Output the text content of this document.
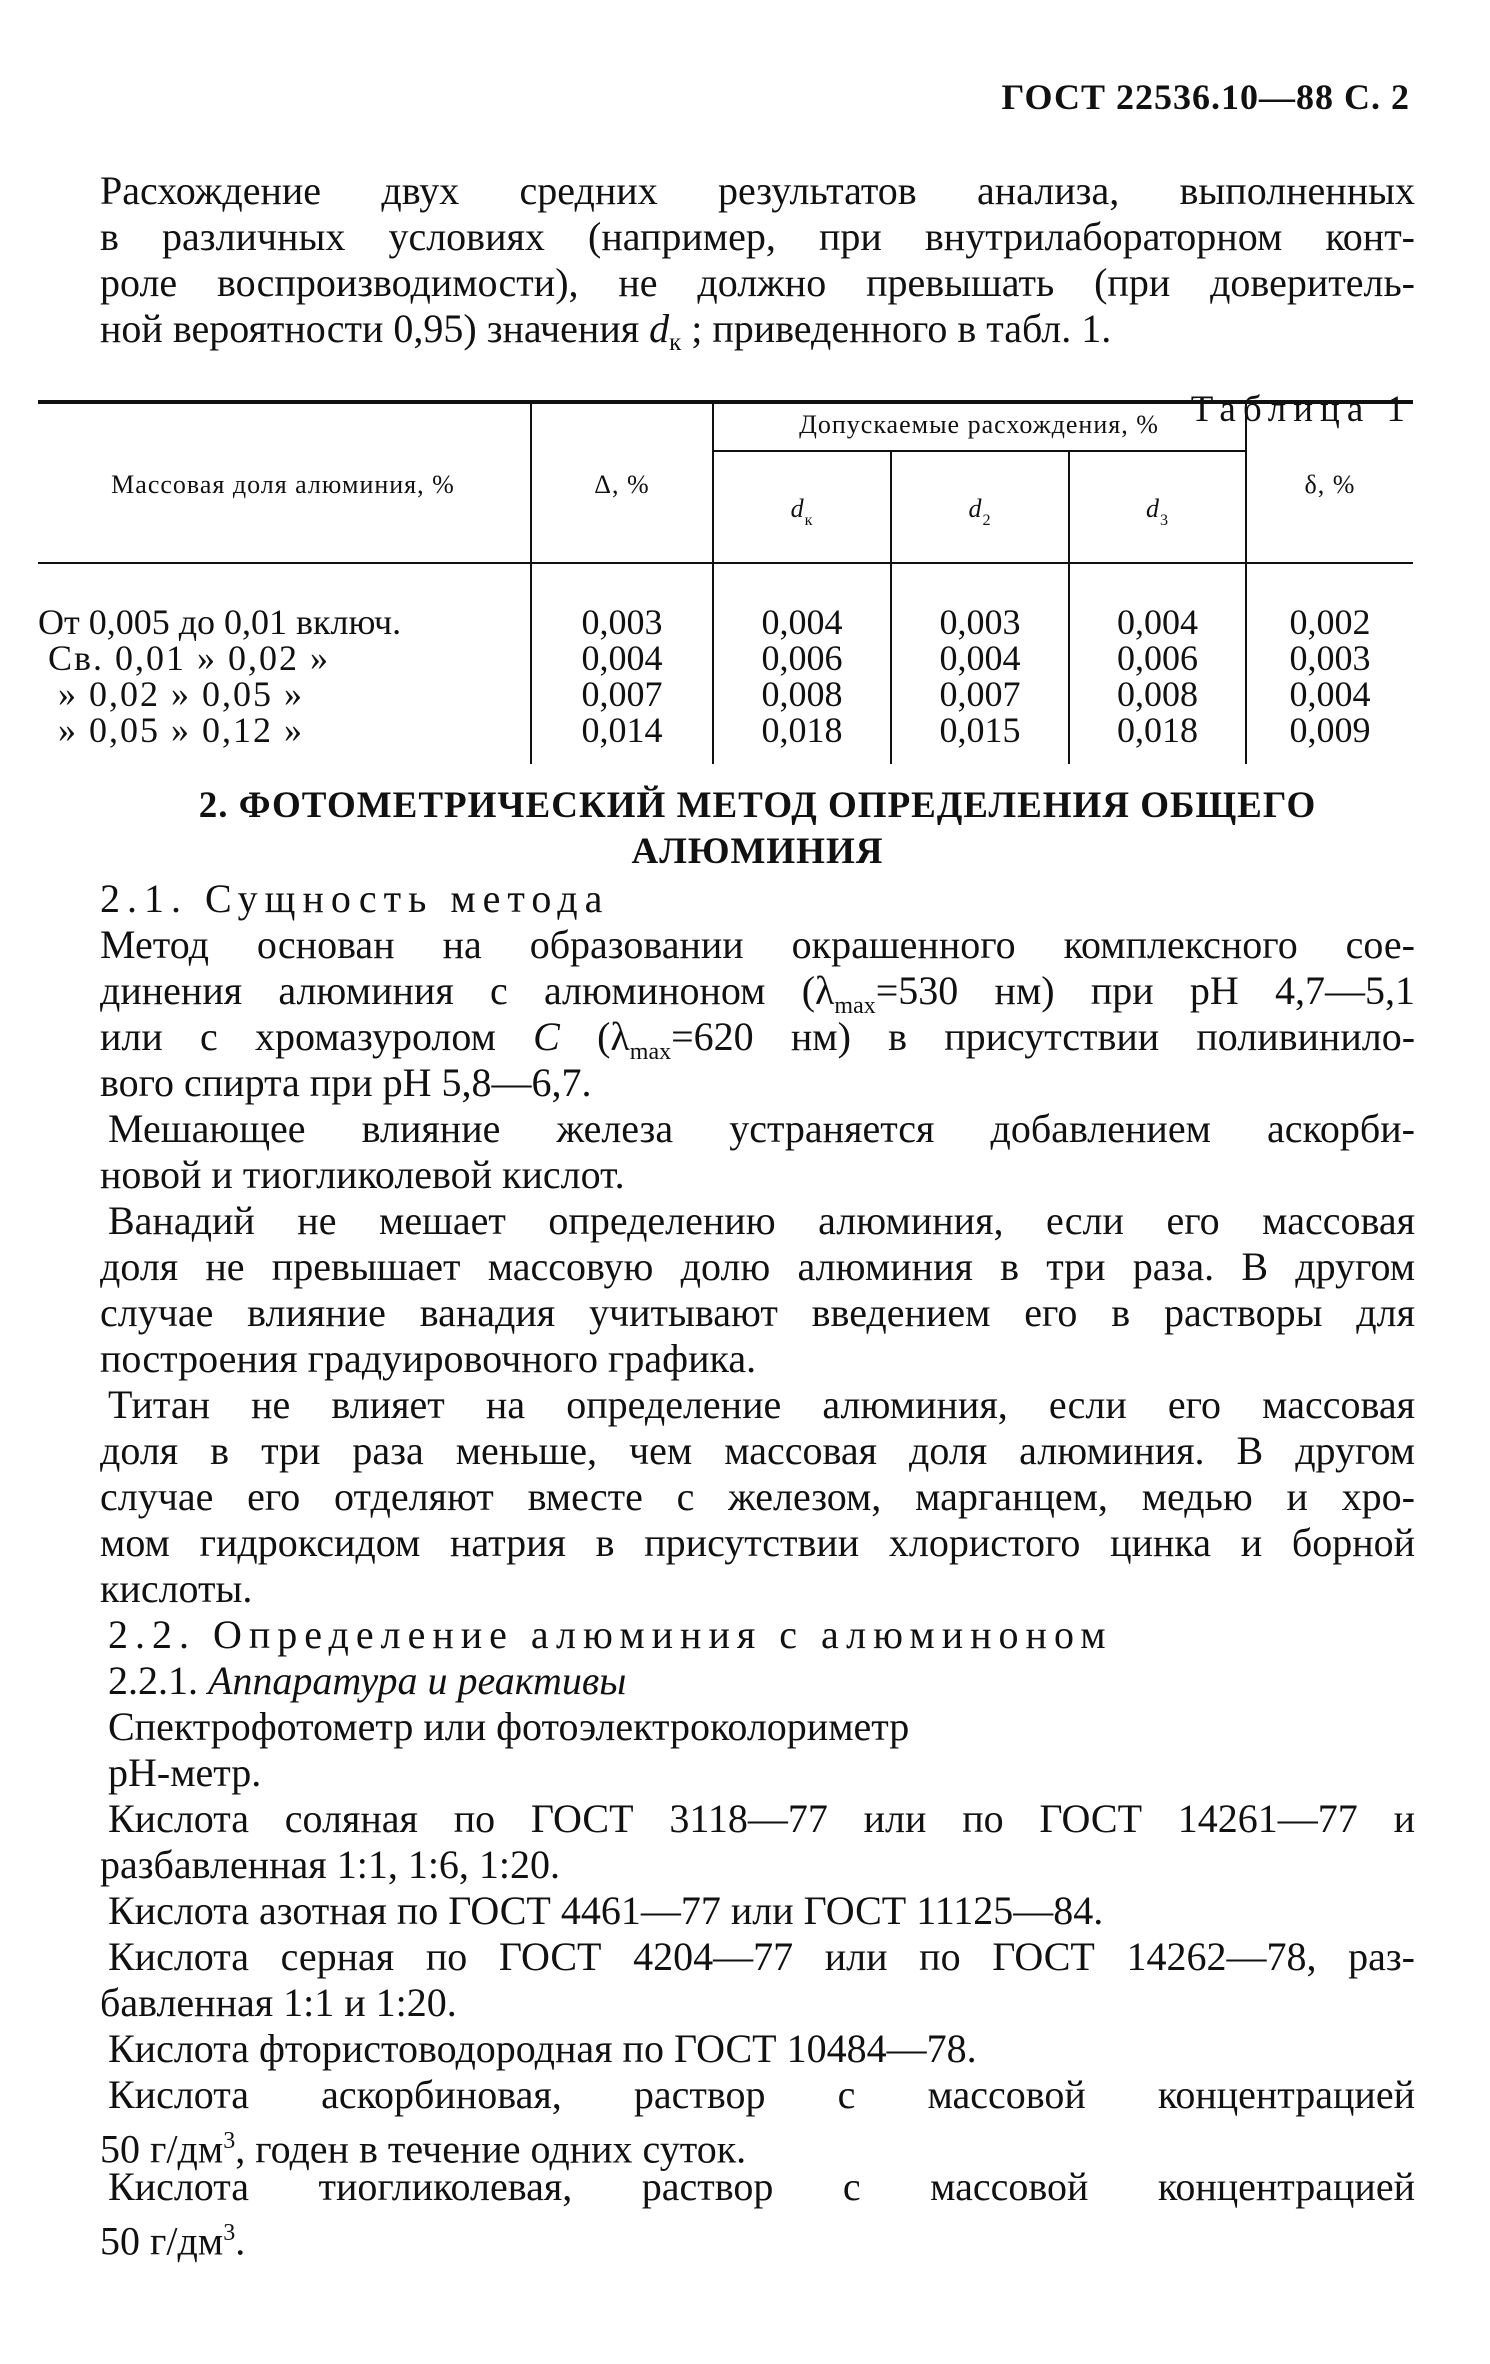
ГОСТ 22536.10—88 С. 2
Расхождение двух средних результатов анализа, выполненных
в различных условиях (например, при внутрилабораторном конт-
роле воспроизводимости), не должно превышать (при доверитель-
ной вероятности 0,95) значения $d_к$ ; приведенного в табл. 1.
Таблица 1
Массовая доля алюминия, %	Δ, %
Допускаемые расхождения, %
$d_к$	$d_2$	$d_3$
δ, %
От 0,005 до 0,01 включ.	0,003	0,004	0,003	0,004	0,002
Св. 0,01 » 0,02 »	0,004	0,006	0,004	0,006	0,003
» 0,02 » 0,05 »	0,007	0,008	0,007	0,008	0,004
» 0,05 » 0,12 »	0,014	0,018	0,015	0,018	0,009
2. ФОТОМЕТРИЧЕСКИЙ МЕТОД ОПРЕДЕЛЕНИЯ ОБЩЕГО
АЛЮМИНИЯ
2.1. Сущность метода
Метод основан на образовании окрашенного комплексного сое-
динения алюминия с алюминоном ($\lambda_{max}=530$ нм) при рН 4,7—5,1
или с хромазуролом C ($\lambda_{max}=620$ нм) в присутствии поливинило-
вого спирта при рН 5,8—6,7.
Мешающее влияние железа устраняется добавлением аскорби-
новой и тиогликолевой кислот.
Ванадий не мешает определению алюминия, если его массовая
доля не превышает массовую долю алюминия в три раза. В другом
случае влияние ванадия учитывают введением его в растворы для
построения градуировочного графика.
Титан не влияет на определение алюминия, если его массовая
доля в три раза меньше, чем массовая доля алюминия. В другом
случае его отделяют вместе с железом, марганцем, медью и хро-
мом гидроксидом натрия в присутствии хлористого цинка и борной
кислоты.
2.2. Определение алюминия с алюминоном
2.2.1. Аппаратура и реактивы
Спектрофотометр или фотоэлектроколориметр
рН-метр.
Кислота соляная по ГОСТ 3118—77 или по ГОСТ 14261—77 и
разбавленная 1:1, 1:6, 1:20.
Кислота азотная по ГОСТ 4461—77 или ГОСТ 11125—84.
Кислота серная по ГОСТ 4204—77 или по ГОСТ 14262—78, раз-
бавленная 1:1 и 1:20.
Кислота фтористоводородная по ГОСТ 10484—78.
Кислота аскорбиновая, раствор с массовой концентрацией
50 $г/дм^3$, годен в течение одних суток.
Кислота тиогликолевая, раствор с массовой концентрацией
50 $г/дм^3$.
